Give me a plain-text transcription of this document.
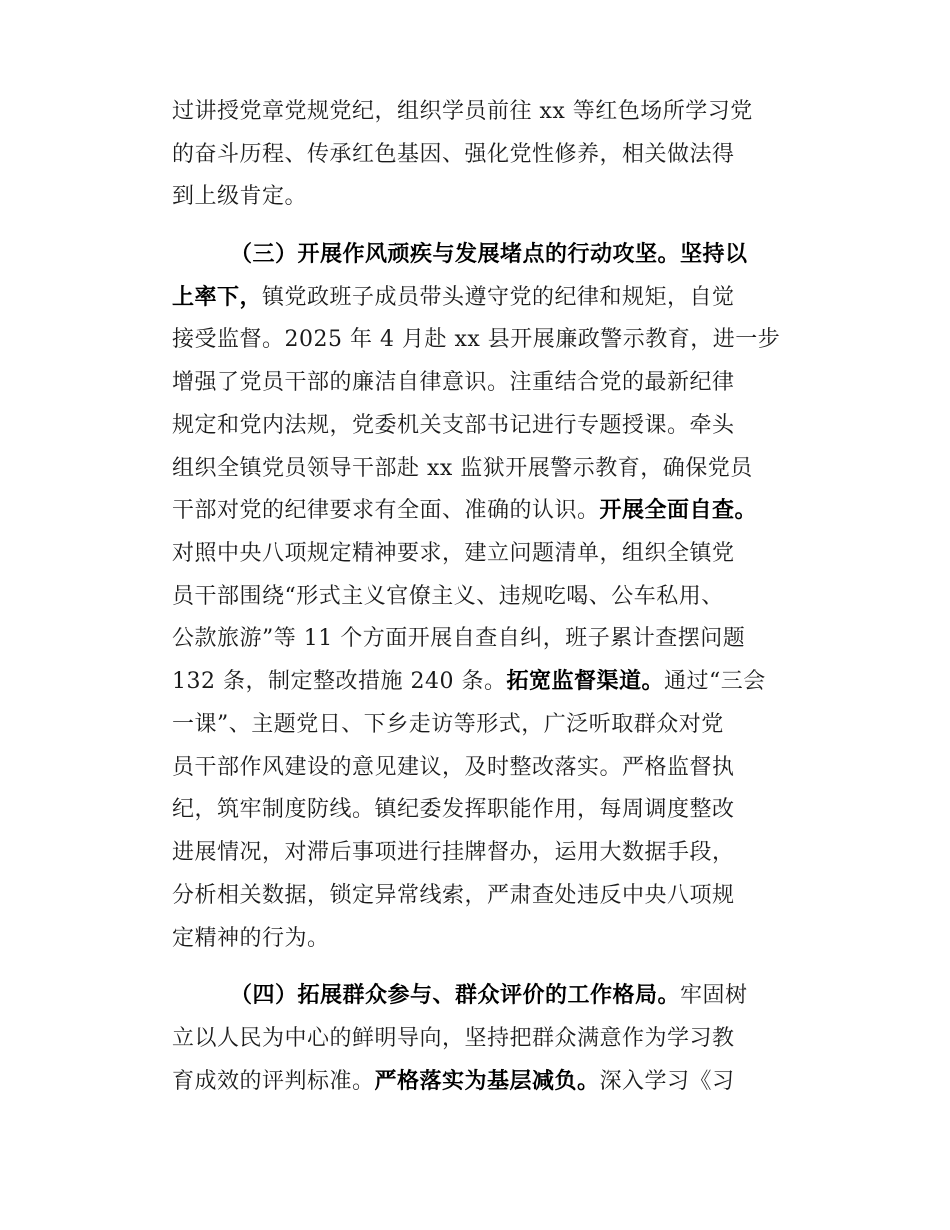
过讲授党章党规党纪，组织学员前往 xx 等红色场所学习党
的奋斗历程、传承红色基因、强化党性修养，相关做法得
到上级肯定。
（三）开展作风顽疾与发展堵点的行动攻坚。坚持以
上率下，镇党政班子成员带头遵守党的纪律和规矩，自觉
接受监督。2025 年 4 月赴 xx 县开展廉政警示教育，进一步
增强了党员干部的廉洁自律意识。注重结合党的最新纪律
规定和党内法规，党委机关支部书记进行专题授课。牵头
组织全镇党员领导干部赴 xx 监狱开展警示教育，确保党员
干部对党的纪律要求有全面、准确的认识。开展全面自查。
对照中央八项规定精神要求，建立问题清单，组织全镇党
员干部围绕“形式主义官僚主义、违规吃喝、公车私用、
公款旅游”等 11 个方面开展自查自纠，班子累计查摆问题
132 条，制定整改措施 240 条。拓宽监督渠道。通过“三会
一课”、主题党日、下乡走访等形式，广泛听取群众对党
员干部作风建设的意见建议，及时整改落实。严格监督执
纪，筑牢制度防线。镇纪委发挥职能作用，每周调度整改
进展情况，对滞后事项进行挂牌督办，运用大数据手段，
分析相关数据，锁定异常线索，严肃查处违反中央八项规
定精神的行为。
（四）拓展群众参与、群众评价的工作格局。牢固树
立以人民为中心的鲜明导向，坚持把群众满意作为学习教
育成效的评判标准。严格落实为基层减负。深入学习《习
